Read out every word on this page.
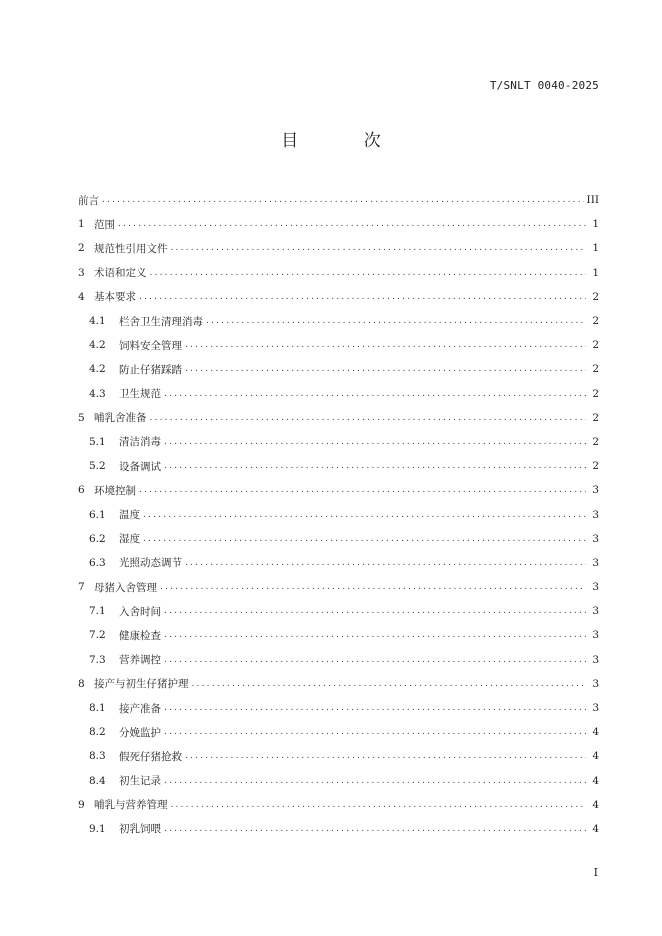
T/SNLT 0040-2025
目 次
前言 .....	III
1 范围 .....	1
2 规范性引用文件 .....	1
3 术语和定义 .....	1
4 基本要求 .....	2
4.1	栏舍卫生清理消毒 .....	2
4.2	饲料安全管理 .....	2
4.2	防止仔猪踩踏 .....	2
4.3	卫生规范 .....	2
5 哺乳舍准备 .....	2
5.1	清洁消毒 .....	2
5.2	设备调试 .....	2
6 环境控制 .....	3
6.1	温度 .....	3
6.2	湿度 .....	3
6.3	光照动态调节 .....	3
7 母猪入舍管理 .....	3
7.1	入舍时间 .....	3
7.2	健康检查 .....	3
7.3	营养调控 .....	3
8 接产与初生仔猪护理 .....	3
8.1	接产准备 .....	3
8.2	分娩监护 .....	4
8.3	假死仔猪抢救 .....	4
8.4	初生记录 .....	4
9 哺乳与营养管理 .....	4
9.1	初乳饲喂 .....	4
I
